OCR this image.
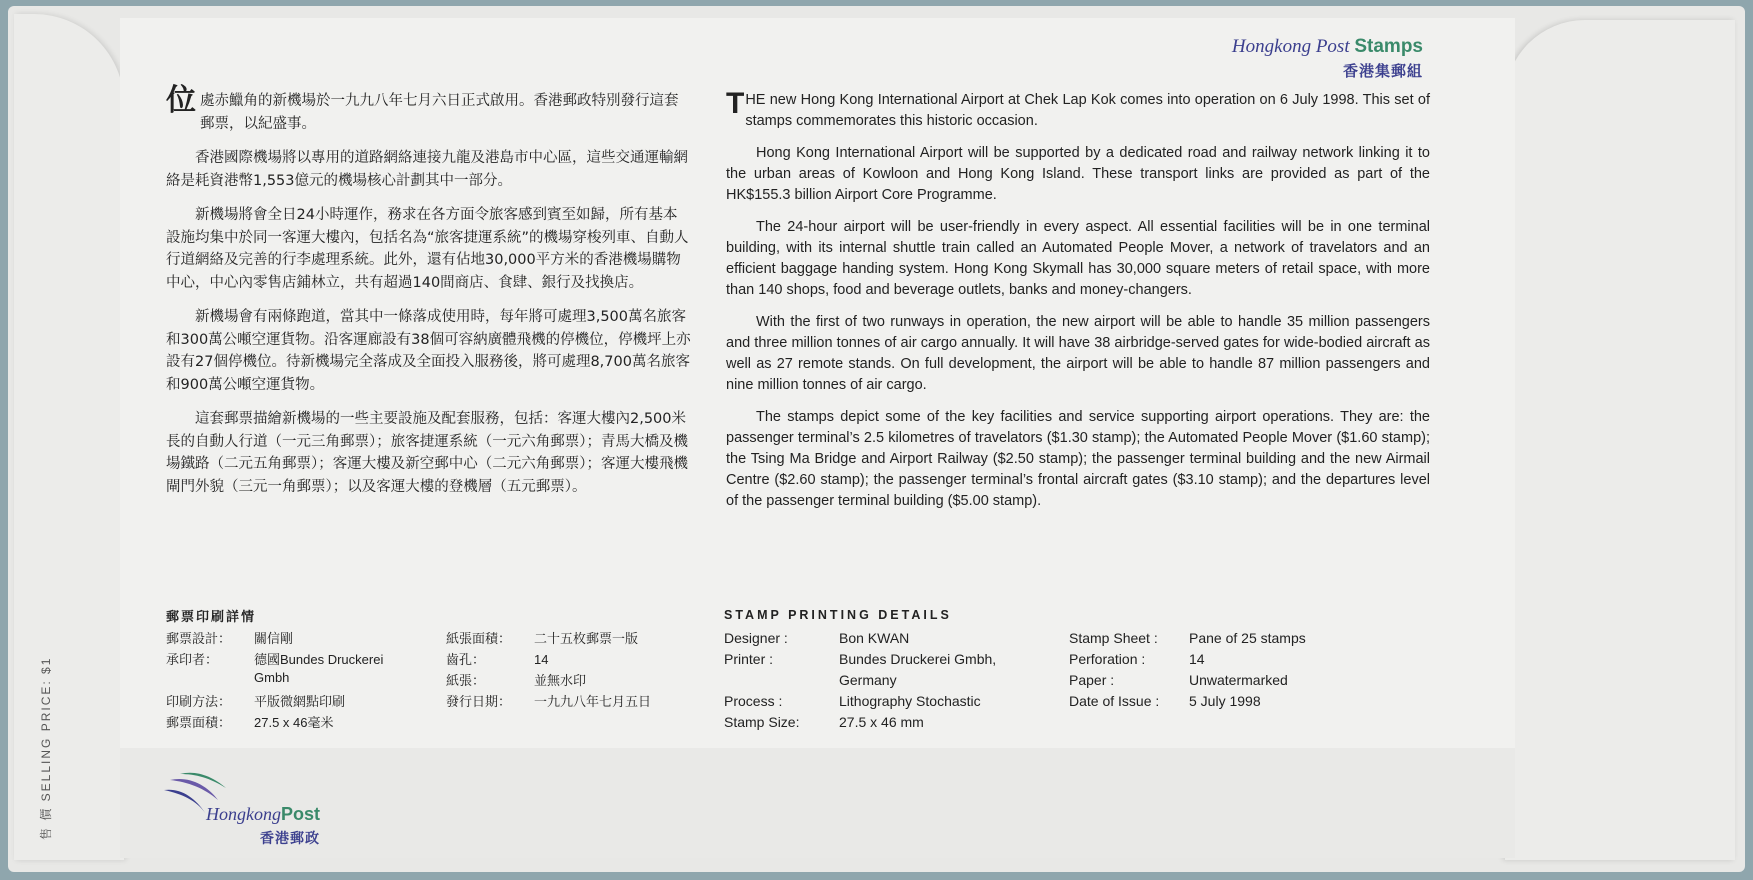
售 價 SELLING PRICE: $1
Hongkong Post Stamps
香港集郵組

位處赤鱲角的新機場於一九九八年七月六日正式啟用。香港郵政特別發行這套郵票，以紀盛事。

香港國際機場將以專用的道路網絡連接九龍及港島市中心區，這些交通運輸網絡是耗資港幣1,553億元的機場核心計劃其中一部分。

新機場將會全日24小時運作，務求在各方面令旅客感到賓至如歸，所有基本設施均集中於同一客運大樓內，包括名為“旅客捷運系統”的機場穿梭列車、自動人行道網絡及完善的行李處理系統。此外，還有佔地30,000平方米的香港機場購物中心，中心內零售店鋪林立，共有超過140間商店、食肆、銀行及找換店。

新機場會有兩條跑道，當其中一條落成使用時，每年將可處理3,500萬名旅客和300萬公噸空運貨物。沿客運廊設有38個可容納廣體飛機的停機位，停機坪上亦設有27個停機位。待新機場完全落成及全面投入服務後，將可處理8,700萬名旅客和900萬公噸空運貨物。

這套郵票描繪新機場的一些主要設施及配套服務，包括：客運大樓內2,500米長的自動人行道（一元三角郵票）；旅客捷運系統（一元六角郵票）；青馬大橋及機場鐵路（二元五角郵票）；客運大樓及新空郵中心（二元六角郵票）；客運大樓飛機閘門外貌（三元一角郵票）；以及客運大樓的登機層（五元郵票）。

THE new Hong Kong International Airport at Chek Lap Kok comes into operation on 6 July 1998. This set of stamps commemorates this historic occasion.

Hong Kong International Airport will be supported by a dedicated road and railway network linking it to the urban areas of Kowloon and Hong Kong Island. These transport links are provided as part of the HK$155.3 billion Airport Core Programme.

The 24-hour airport will be user-friendly in every aspect. All essential facilities will be in one terminal building, with its internal shuttle train called an Automated People Mover, a network of travelators and an efficient baggage handing system. Hong Kong Skymall has 30,000 square meters of retail space, with more than 140 shops, food and beverage outlets, banks and money-changers.

With the first of two runways in operation, the new airport will be able to handle 35 million passengers and three million tonnes of air cargo annually. It will have 38 airbridge-served gates for wide-bodied aircraft as well as 27 remote stands. On full development, the airport will be able to handle 87 million passengers and nine million tonnes of air cargo.

The stamps depict some of the key facilities and service supporting airport operations. They are: the passenger terminal’s 2.5 kilometres of travelators ($1.30 stamp); the Automated People Mover ($1.60 stamp); the Tsing Ma Bridge and Airport Railway ($2.50 stamp); the passenger terminal building and the new Airmail Centre ($2.60 stamp); the passenger terminal’s frontal aircraft gates ($3.10 stamp); and the departures level of the passenger terminal building ($5.00 stamp).

郵票印刷詳情
郵票設計： 關信剛
承印者：	德國Bundes Druckerei
Gmbh
印刷方法： 平版微網點印刷
郵票面積： 27.5 x 46毫米
紙張面積： 二十五枚郵票一版
齒孔：	14
紙張：	並無水印
發行日期： 一九九八年七月五日
STAMP PRINTING DETAILS
Designer :	Bon KWAN
Printer :	Bundes Druckerei Gmbh,
Germany
Process :	Lithography Stochastic
Stamp Size:	27.5 x 46 mm
Stamp Sheet : Pane of 25 stamps
Perforation :	14
Paper :	Unwatermarked
Date of Issue : 5 July 1998
HongkongPost
香港郵政
